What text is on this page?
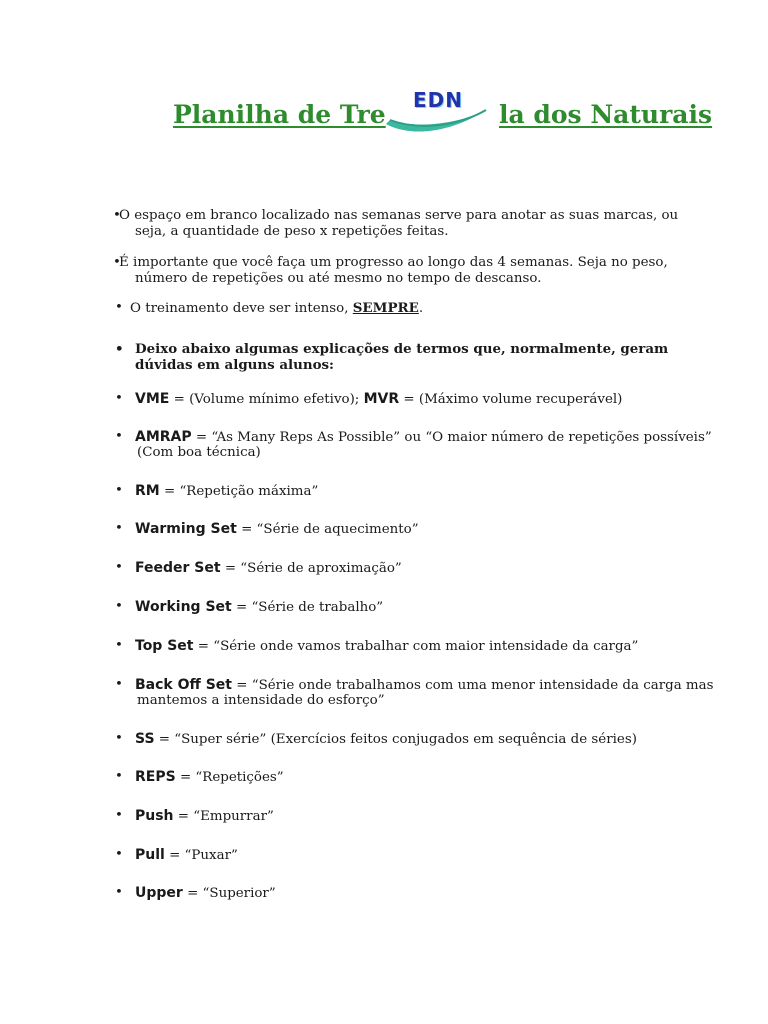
Planilha de Tre	EDN la dos Naturais
•
O espaço em branco localizado nas semanas serve para anotar as suas marcas, ou
seja, a quantidade de peso x repetições feitas.
•
É importante que você faça um progresso ao longo das 4 semanas. Seja no peso,
número de repetições ou até mesmo no tempo de descanso.
• O treinamento deve ser intenso, SEMPRE.
• Deixo abaixo algumas explicações de termos que, normalmente, geram
dúvidas em alguns alunos:
• VME = (Volume mínimo efetivo); MVR = (Máximo volume recuperável)
• AMRAP = “As Many Reps As Possible” ou “O maior número de repetições possíveis”
(Com boa técnica)
• RM = “Repetição máxima”
• Warming Set = “Série de aquecimento”
• Feeder Set = “Série de aproximação”
• Working Set = “Série de trabalho”
• Top Set = “Série onde vamos trabalhar com maior intensidade da carga”
• Back Off Set = “Série onde trabalhamos com uma menor intensidade da carga mas
mantemos a intensidade do esforço”
• SS = “Super série” (Exercícios feitos conjugados em sequência de séries)
• REPS = “Repetições”
• Push = “Empurrar”
• Pull = “Puxar”
• Upper = “Superior”
